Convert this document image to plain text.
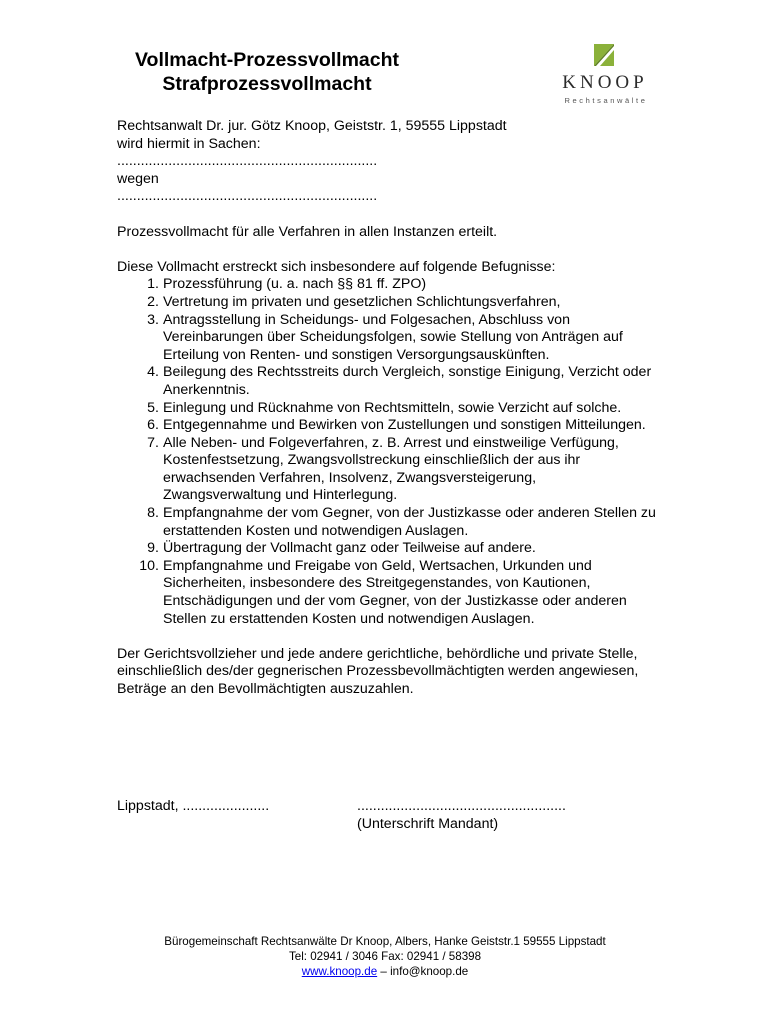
Vollmacht-Prozessvollmacht
Strafprozessvollmacht	KNOOP
Rechtsanwälte
Rechtsanwalt Dr. jur. Götz Knoop, Geiststr. 1, 59555 Lippstadt
wird hiermit in Sachen:
..................................................................
wegen
..................................................................
Prozessvollmacht für alle Verfahren in allen Instanzen erteilt.
Diese Vollmacht erstreckt sich insbesondere auf folgende Befugnisse:
1. Prozessführung (u. a. nach §§ 81 ff. ZPO)
2. Vertretung im privaten und gesetzlichen Schlichtungsverfahren,
3. Antragsstellung in Scheidungs- und Folgesachen, Abschluss von Vereinbarungen über Scheidungsfolgen, sowie Stellung von Anträgen auf Erteilung von Renten- und sonstigen Versorgungsauskünften.
4. Beilegung des Rechtsstreits durch Vergleich, sonstige Einigung, Verzicht oder Anerkenntnis.
5. Einlegung und Rücknahme von Rechtsmitteln, sowie Verzicht auf solche.
6. Entgegennahme und Bewirken von Zustellungen und sonstigen Mitteilungen.
7. Alle Neben- und Folgeverfahren, z. B. Arrest und einstweilige Verfügung, Kostenfestsetzung, Zwangsvollstreckung einschließlich der aus ihr erwachsenden Verfahren, Insolvenz, Zwangsversteigerung, Zwangsverwaltung und Hinterlegung.
8. Empfangnahme der vom Gegner, von der Justizkasse oder anderen Stellen zu erstattenden Kosten und notwendigen Auslagen.
9. Übertragung der Vollmacht ganz oder Teilweise auf andere.
10. Empfangnahme und Freigabe von Geld, Wertsachen, Urkunden und Sicherheiten, insbesondere des Streitgegenstandes, von Kautionen, Entschädigungen und der vom Gegner, von der Justizkasse oder anderen Stellen zu erstattenden Kosten und notwendigen Auslagen.
Der Gerichtsvollzieher und jede andere gerichtliche, behördliche und private Stelle, einschließlich des/der gegnerischen Prozessbevollmächtigten werden angewiesen, Beträge an den Bevollmächtigten auszuzahlen.
Lippstadt, ......................	.....................................................
(Unterschrift Mandant)
Bürogemeinschaft Rechtsanwälte Dr Knoop, Albers, Hanke Geiststr.1 59555 Lippstadt
Tel: 02941 / 3046 Fax: 02941 / 58398
www.knoop.de – info@knoop.de
